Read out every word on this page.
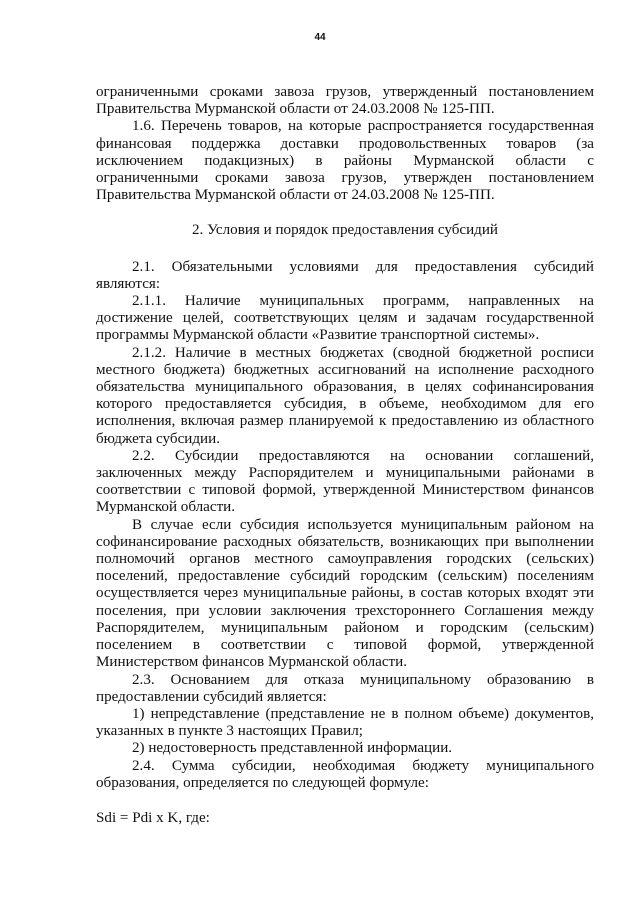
44

ограниченными сроками завоза грузов, утвержденный постановлением Правительства Мурманской области от 24.03.2008 № 125-ПП.

1.6. Перечень товаров, на которые распространяется государственная финансовая поддержка доставки продовольственных товаров (за исключением подакцизных) в районы Мурманской области с ограниченными сроками завоза грузов, утвержден постановлением Правительства Мурманской области от 24.03.2008 № 125-ПП.

2. Условия и порядок предоставления субсидий

2.1. Обязательными условиями для предоставления субсидий являются:

2.1.1. Наличие муниципальных программ, направленных на достижение целей, соответствующих целям и задачам государственной программы Мурманской области «Развитие транспортной системы».

2.1.2. Наличие в местных бюджетах (сводной бюджетной росписи местного бюджета) бюджетных ассигнований на исполнение расходного обязательства муниципального образования, в целях софинансирования которого предоставляется субсидия, в объеме, необходимом для его исполнения, включая размер планируемой к предоставлению из областного бюджета субсидии.

2.2. Субсидии предоставляются на основании соглашений, заключенных между Распорядителем и муниципальными районами в соответствии с типовой формой, утвержденной Министерством финансов Мурманской области.

В случае если субсидия используется муниципальным районом на софинансирование расходных обязательств, возникающих при выполнении полномочий органов местного самоуправления городских (сельских) поселений, предоставление субсидий городским (сельским) поселениям осуществляется через муниципальные районы, в состав которых входят эти поселения, при условии заключения трехстороннего Соглашения между Распорядителем, муниципальным районом и городским (сельским) поселением в соответствии с типовой формой, утвержденной Министерством финансов Мурманской области.

2.3. Основанием для отказа муниципальному образованию в предоставлении субсидий является:

1) непредставление (представление не в полном объеме) документов, указанных в пункте 3 настоящих Правил;

2) недостоверность представленной информации.

2.4. Сумма субсидии, необходимая бюджету муниципального образования, определяется по следующей формуле:

Sdi = Pdi x K, где:
